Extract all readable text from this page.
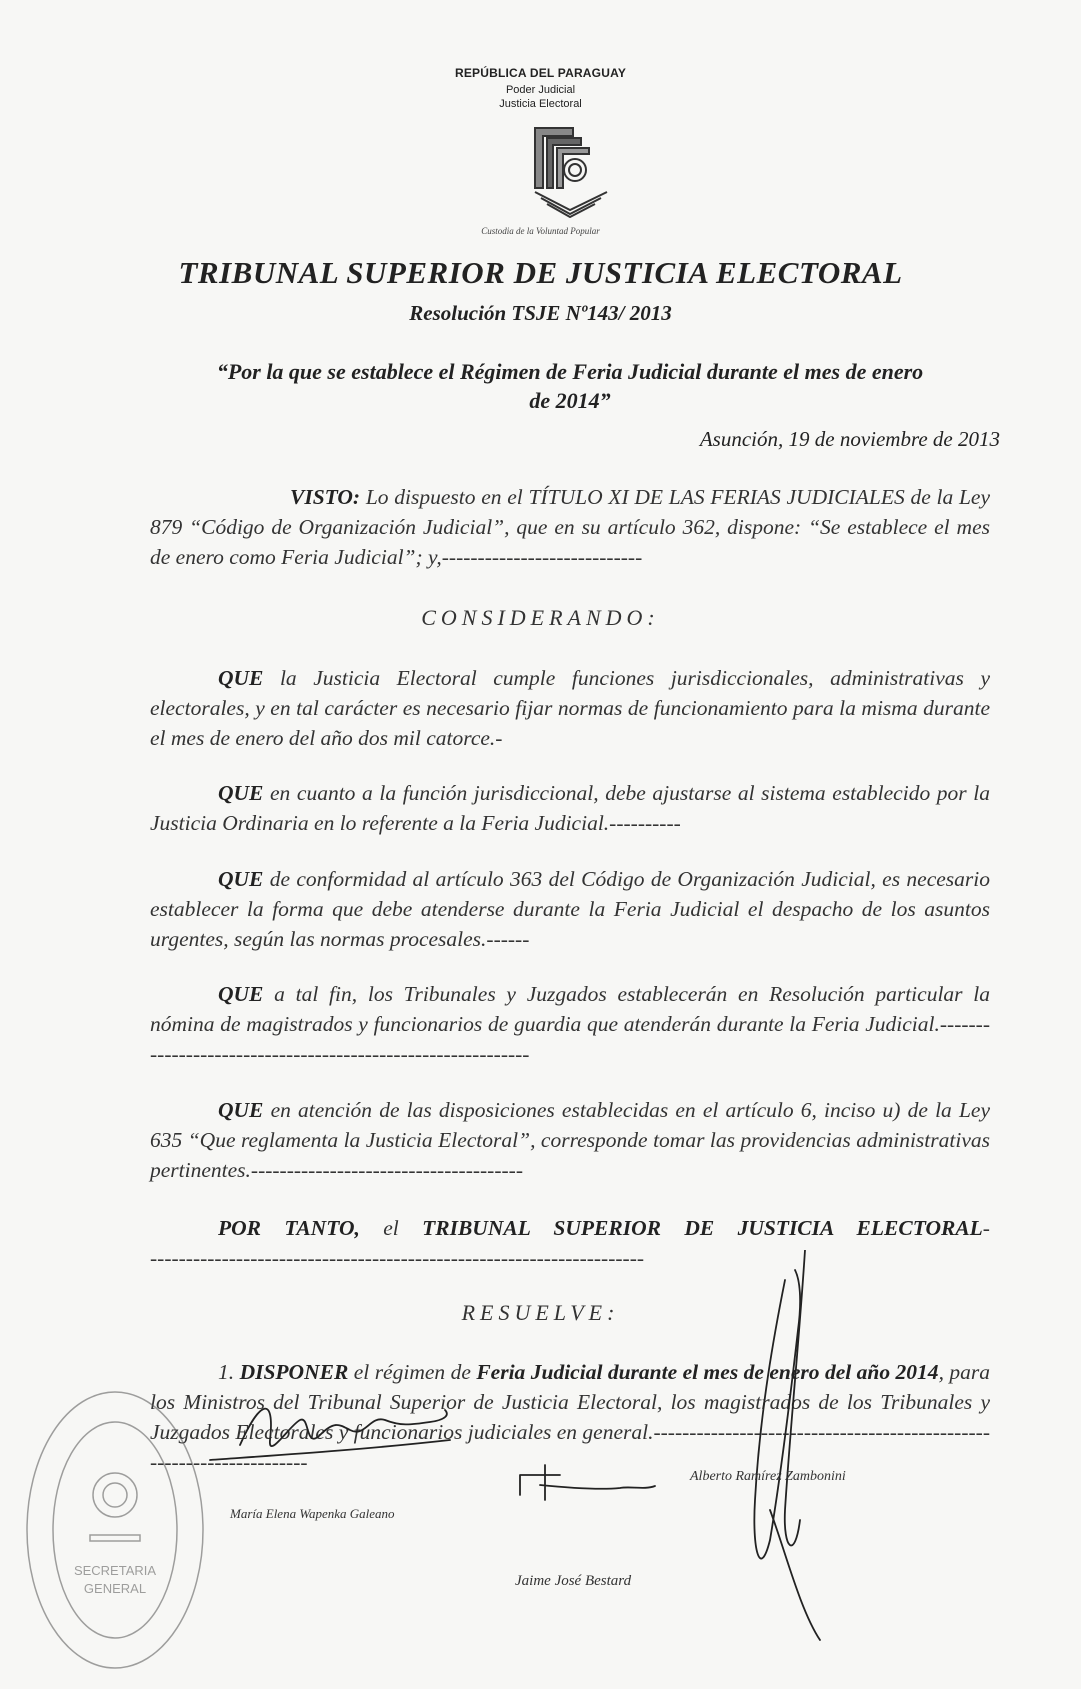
REPÚBLICA DEL PARAGUAY
Poder Judicial
Justicia Electoral
Custodia de la Voluntad Popular
TRIBUNAL SUPERIOR DE JUSTICIA ELECTORAL
Resolución TSJE Nº143/ 2013
“Por la que se establece el Régimen de Feria Judicial durante el mes de enero
de 2014”
Asunción, 19 de noviembre de 2013
VISTO: Lo dispuesto en el TÍTULO XI DE LAS FERIAS JUDICIALES de la Ley 879 “Código de Organización Judicial”, que en su artículo 362, dispone: “Se establece el mes de enero como Feria Judicial”; y,----------------------------
CONSIDERANDO:
QUE la Justicia Electoral cumple funciones jurisdiccionales, administrativas y electorales, y en tal carácter es necesario fijar normas de funcionamiento para la misma durante el mes de enero del año dos mil catorce.-
QUE en cuanto a la función jurisdiccional, debe ajustarse al sistema establecido por la Justicia Ordinaria en lo referente a la Feria Judicial.----------
QUE de conformidad al artículo 363 del Código de Organización Judicial, es necesario establecer la forma que debe atenderse durante la Feria Judicial el despacho de los asuntos urgentes, según las normas procesales.------
QUE a tal fin, los Tribunales y Juzgados establecerán en Resolución particular la nómina de magistrados y funcionarios de guardia que atenderán durante la Feria Judicial.------------------------------------------------------------
QUE en atención de las disposiciones establecidas en el artículo 6, inciso u) de la Ley 635 “Que reglamenta la Justicia Electoral”, corresponde tomar las providencias administrativas pertinentes.--------------------------------------
POR TANTO, el TRIBUNAL SUPERIOR DE JUSTICIA ELECTORAL----------------------------------------------------------------------
RESUELVE:
1. DISPONER el régimen de Feria Judicial durante el mes de enero del año 2014, para los Ministros del Tribunal Superior de Justicia Electoral, los magistrados de los Tribunales y Juzgados Electorales y funcionarios judiciales en general.---------------------------------------------------------------------
SECRETARIA
GENERAL
María Elena Wapenka Galeano
Alberto Ramírez Zambonini
Jaime José Bestard
